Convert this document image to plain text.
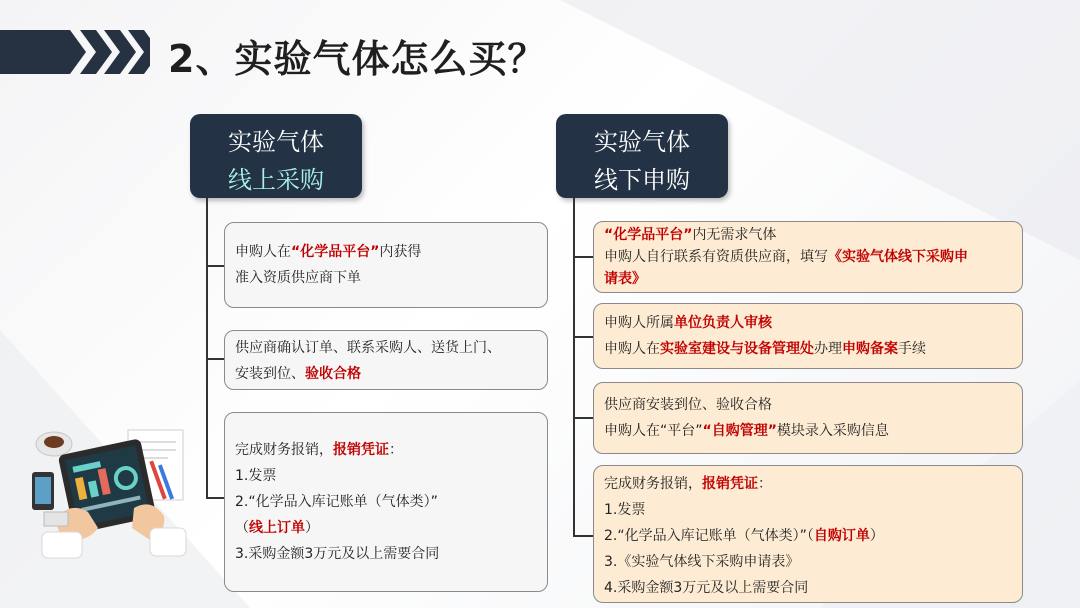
2、实验气体怎么买？
实验气体
线上采购
实验气体
线下申购
申购人在“化学品平台”内获得
准入资质供应商下单
供应商确认订单、联系采购人、送货上门、
安装到位、验收合格
完成财务报销，报销凭证：
1.发票
2.“化学品入库记账单（气体类）”
（线上订单）
3.采购金额3万元及以上需要合同
“化学品平台”内无需求气体
申购人自行联系有资质供应商，填写《实验气体线下采购申
请表》
申购人所属单位负责人审核
申购人在实验室建设与设备管理处办理申购备案手续
供应商安装到位、验收合格
申购人在“平台”“自购管理”模块录入采购信息
完成财务报销，报销凭证：
1.发票
2.“化学品入库记账单（气体类）”（自购订单）
3.《实验气体线下采购申请表》
4.采购金额3万元及以上需要合同
